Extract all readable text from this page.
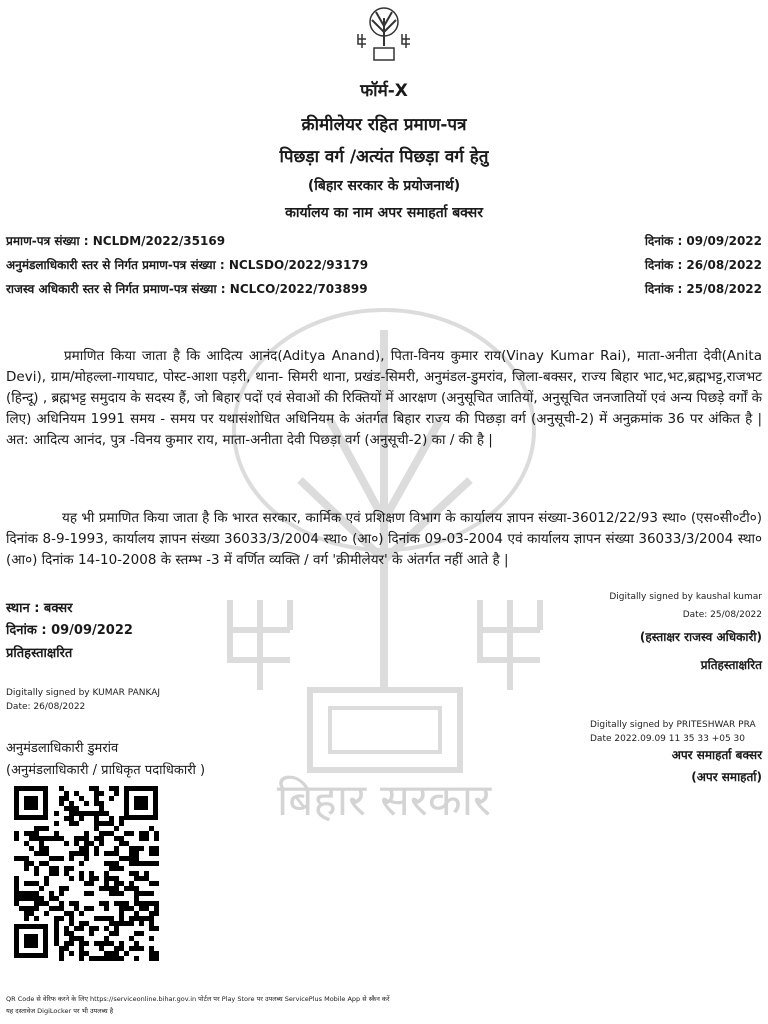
बिहार सरकार
फॉर्म-X
क्रीमीलेयर रहित प्रमाण-पत्र
पिछड़ा वर्ग /अत्यंत पिछड़ा वर्ग हेतु
(बिहार सरकार के प्रयोजनार्थ)
कार्यालय का नाम अपर समाहर्ता बक्सर
प्रमाण-पत्र संख्या : NCLDM/2022/35169	दिनांक : 09/09/2022
अनुमंडलाधिकारी स्तर से निर्गत प्रमाण-पत्र संख्या : NCLSDO/2022/93179	दिनांक : 26/08/2022
राजस्व अधिकारी स्तर से निर्गत प्रमाण-पत्र संख्या : NCLCO/2022/703899	दिनांक : 25/08/2022
प्रमाणित किया जाता है कि आदित्य आनंद(Aditya Anand), पिता-विनय कुमार राय(Vinay Kumar Rai), माता-अनीता देवी(Anita Devi), ग्राम/मोहल्ला-गायघाट, पोस्ट-आशा पड़री, थाना- सिमरी थाना, प्रखंड-सिमरी, अनुमंडल-डुमरांव, जिला-बक्सर, राज्य बिहार भाट,भट,ब्रह्मभट्ट,राजभट (हिन्दू) , ब्रह्मभट्ट समुदाय के सदस्य हैं, जो बिहार पदों एवं सेवाओं की रिक्तियों में आरक्षण (अनुसूचित जातियों, अनुसूचित जनजातियों एवं अन्य पिछड़े वर्गों के लिए) अधिनियम 1991 समय - समय पर यथासंशोधित अधिनियम के अंतर्गत बिहार राज्य की पिछड़ा वर्ग (अनुसूची-2) में अनुक्रमांक 36 पर अंकित है | अत: आदित्य आनंद, पुत्र -विनय कुमार राय, माता-अनीता देवी पिछड़ा वर्ग (अनुसूची-2) का / की है |
यह भी प्रमाणित किया जाता है कि भारत सरकार, कार्मिक एवं प्रशिक्षण विभाग के कार्यालय ज्ञापन संख्या-36012/22/93 स्था० (एस०सी०टी०) दिनांक 8-9-1993, कार्यालय ज्ञापन संख्या 36033/3/2004 स्था० (आ०) दिनांक 09-03-2004 एवं कार्यालय ज्ञापन संख्या 36033/3/2004 स्था० (आ०) दिनांक 14-10-2008 के स्तम्भ -3 में वर्णित व्यक्ति / वर्ग 'क्रीमीलेयर' के अंतर्गत नहीं आते है |
स्थान : बक्सर
दिनांक : 09/09/2022
प्रतिहस्ताक्षरित
Digitally signed by KUMAR PANKAJ
Date: 26/08/2022
अनुमंडलाधिकारी डुमरांव
(अनुमंडलाधिकारी / प्राधिकृत पदाधिकारी )
Digitally signed by kaushal kumar
Date: 25/08/2022
(हस्ताक्षर राजस्व अधिकारी)
प्रतिहस्ताक्षरित
Digitally signed by PRITESHWAR PRA
Date 2022.09.09 11 35 33 +05 30
अपर समाहर्ता बक्सर
(अपर समाहर्ता)
QR Code से वेरिफ करने के लिए https://serviceonline.bihar.gov.in पोर्टल पर Play Store पर उपलब्ध ServicePlus Mobile App से स्कैन करें
यह दस्तावेज DigiLocker पर भी उपलब्ध है
